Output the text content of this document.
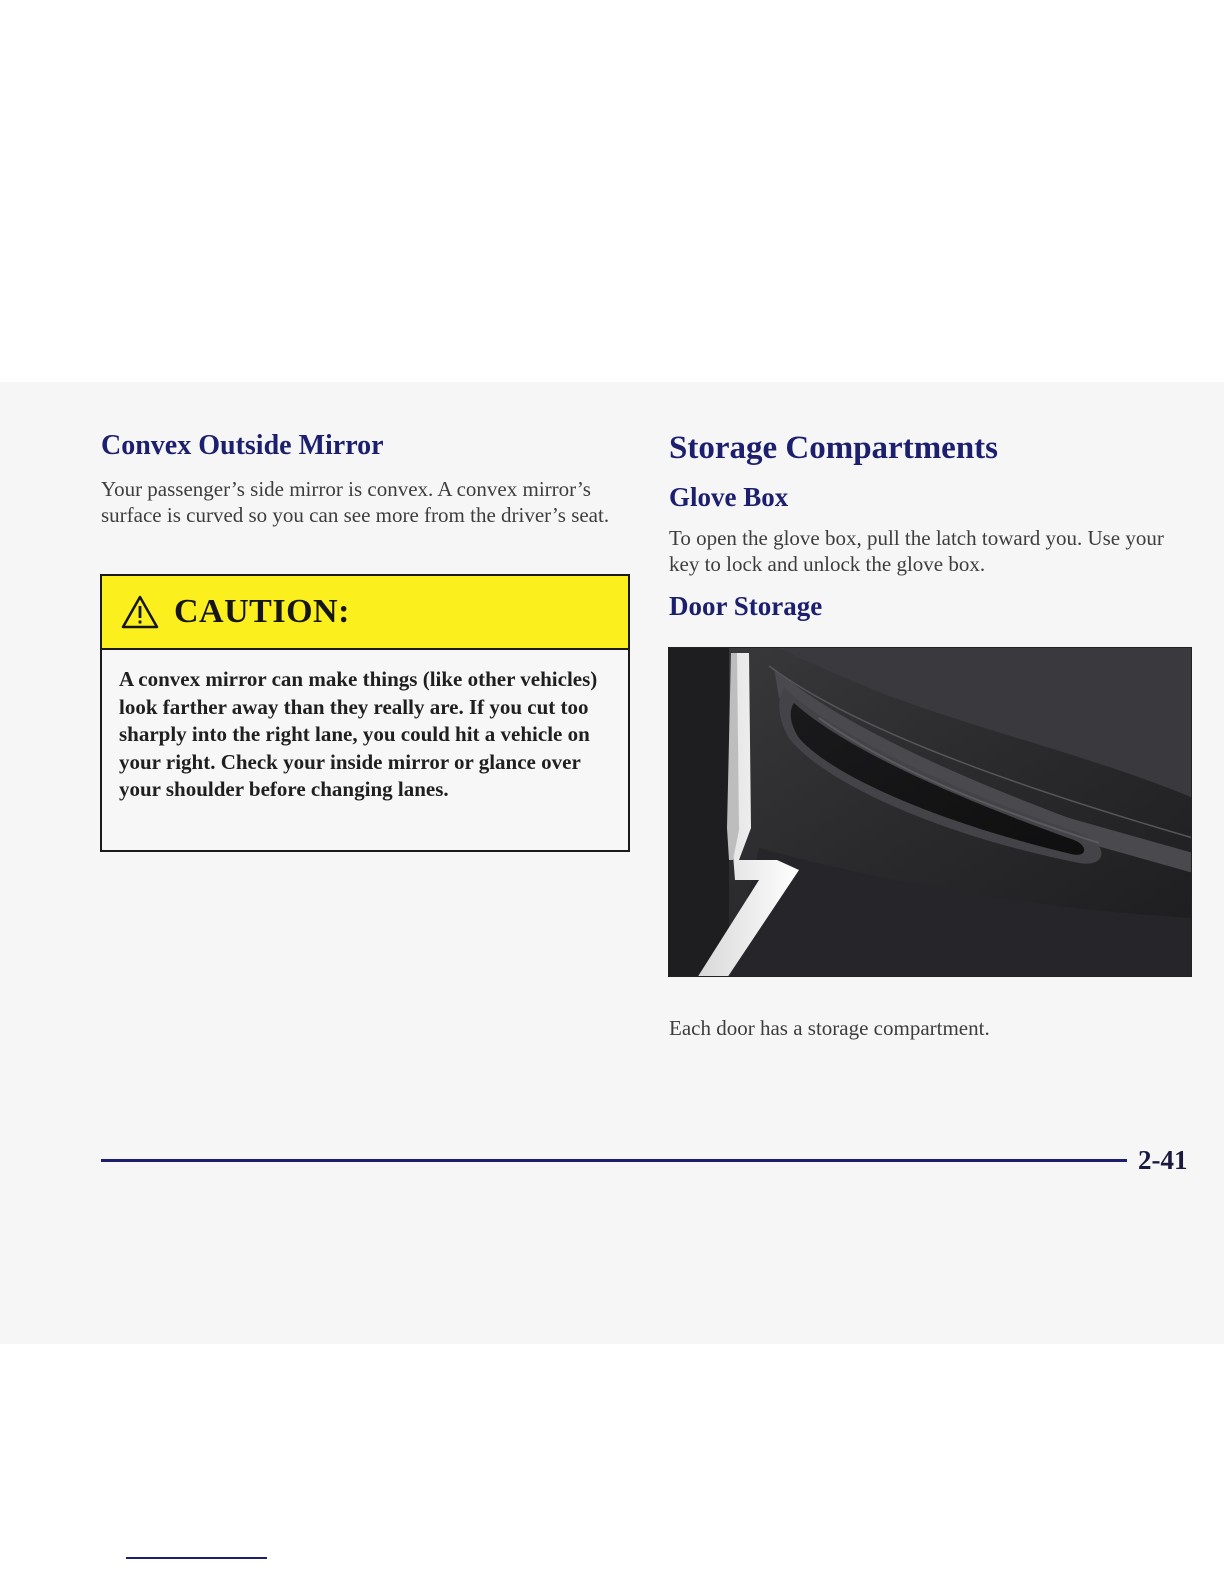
Convex Outside Mirror

Your passenger’s side mirror is convex. A convex mirror’s surface is curved so you can see more from the driver’s seat.

CAUTION:

A convex mirror can make things (like other vehicles) look farther away than they really are. If you cut too sharply into the right lane, you could hit a vehicle on your right. Check your inside mirror or glance over your shoulder before changing lanes.

Storage Compartments
Glove Box

To open the glove box, pull the latch toward you. Use your key to lock and unlock the glove box.

Door Storage

Each door has a storage compartment.

2-41
